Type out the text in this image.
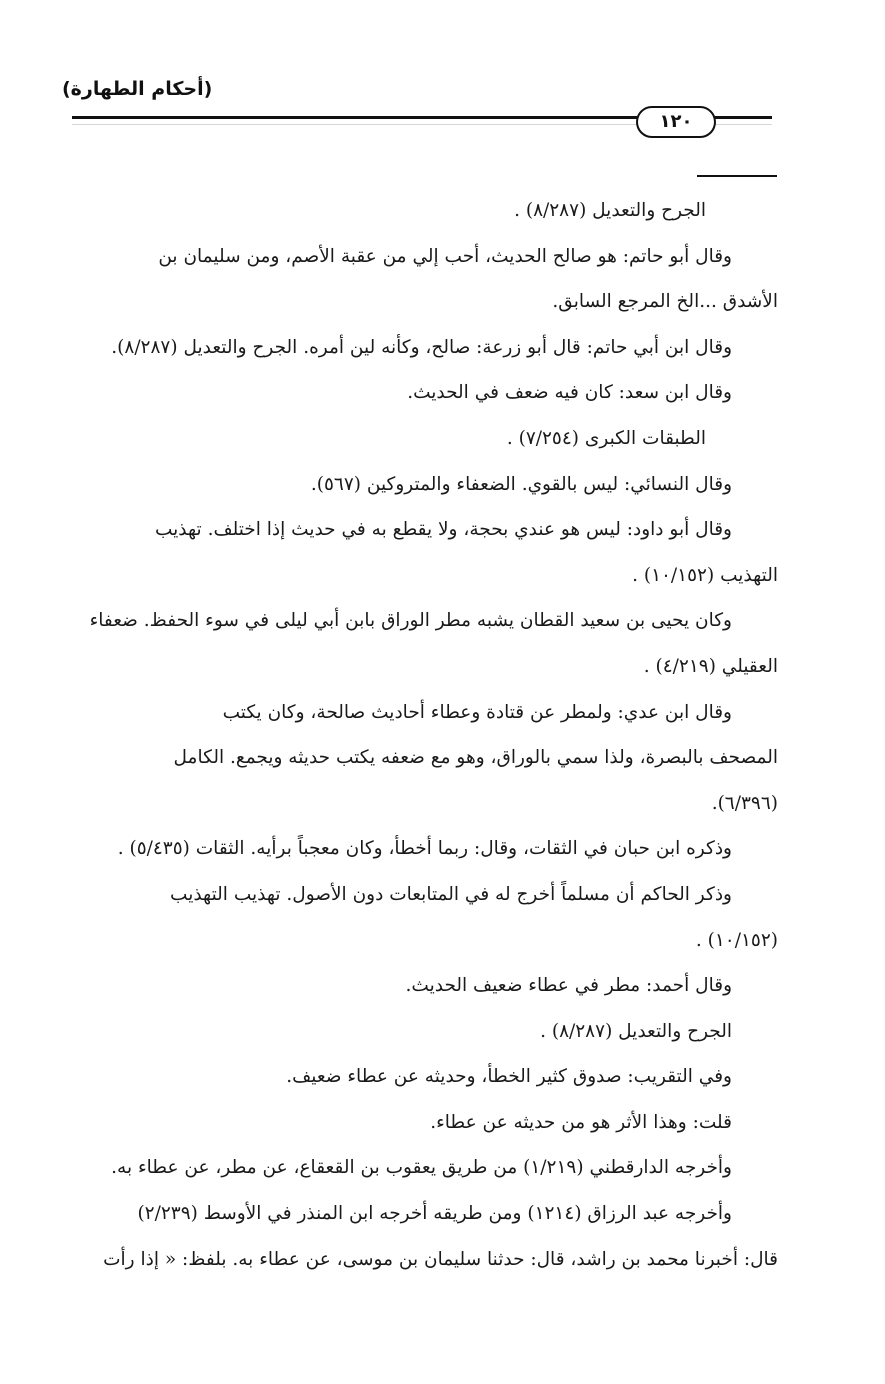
(أحكام الطهارة)
١٢٠
الجرح والتعديل (٨/٢٨٧) .
وقال أبو حاتم: هو صالح الحديث، أحب إلي من عقبة الأصم، ومن سليمان بن
الأشدق ...الخ المرجع السابق.
وقال ابن أبي حاتم: قال أبو زرعة: صالح، وكأنه لين أمره. الجرح والتعديل (٨/٢٨٧).
وقال ابن سعد: كان فيه ضعف في الحديث.
الطبقات الكبرى (٧/٢٥٤) .
وقال النسائي: ليس بالقوي. الضعفاء والمتروكين (٥٦٧).
وقال أبو داود: ليس هو عندي بحجة، ولا يقطع به في حديث إذا اختلف. تهذيب
التهذيب (١٠/١٥٢) .
وكان يحيى بن سعيد القطان يشبه مطر الوراق بابن أبي ليلى في سوء الحفظ. ضعفاء
العقيلي (٤/٢١٩) .
وقال ابن عدي: ولمطر عن قتادة وعطاء أحاديث صالحة، وكان يكتب
المصحف بالبصرة، ولذا سمي بالوراق، وهو مع ضعفه يكتب حديثه ويجمع. الكامل
(٦/٣٩٦).
وذكره ابن حبان في الثقات، وقال: ربما أخطأ، وكان معجباً برأيه. الثقات (٥/٤٣٥) .
وذكر الحاكم أن مسلماً أخرج له في المتابعات دون الأصول. تهذيب التهذيب
(١٠/١٥٢) .
وقال أحمد: مطر في عطاء ضعيف الحديث.
الجرح والتعديل (٨/٢٨٧) .
وفي التقريب: صدوق كثير الخطأ، وحديثه عن عطاء ضعيف.
قلت: وهذا الأثر هو من حديثه عن عطاء.
وأخرجه الدارقطني (١/٢١٩) من طريق يعقوب بن القعقاع، عن مطر، عن عطاء به.
وأخرجه عبد الرزاق (١٢١٤) ومن طريقه أخرجه ابن المنذر في الأوسط (٢/٢٣٩)
قال: أخبرنا محمد بن راشد، قال: حدثنا سليمان بن موسى، عن عطاء به. بلفظ: « إذا رأت
